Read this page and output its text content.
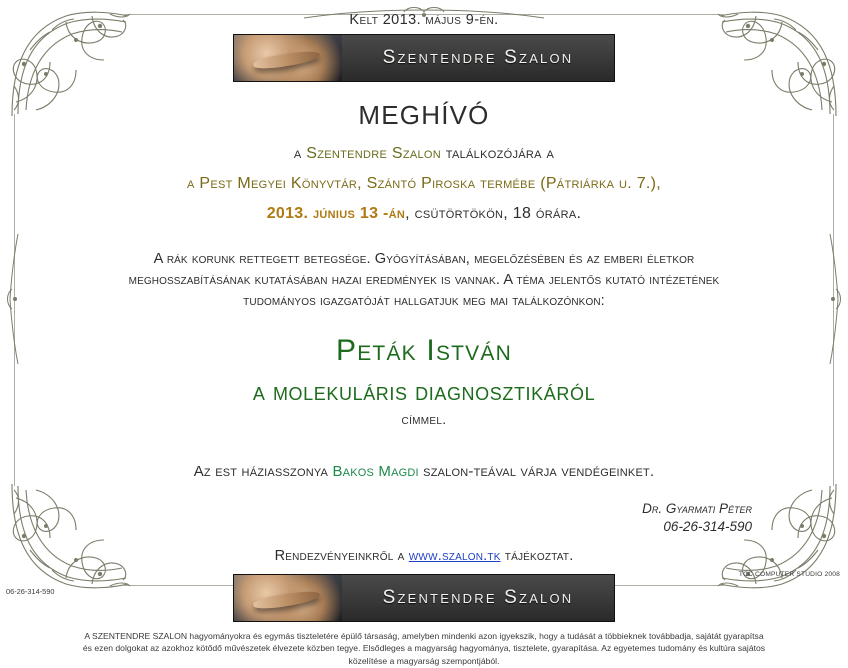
Kelt 2013. május 9-én.
Szentendre Szalon
MEGHÍVÓ
a Szentendre Szalon találkozójára a
a Pest Megyei Könyvtár, Szántó Piroska termébe (Pátriárka u. 7.),
2013. június 13 -án, csütörtökön, 18 órára.
A rák korunk rettegett betegsége. Gyógyításában, megelőzésében és az emberi életkor meghosszabításának kutatásában hazai eredmények is vannak. A téma jelentős kutató intézetének tudományos igazgatóját hallgatjuk meg mai találkozónkon:
Peták István
a molekuláris diagnosztikáról
címmel.
Az est háziasszonya Bakos Magdi szalon-teával várja vendégeinket.
Dr. Gyarmati Péter
06-26-314-590
Rendezvényeinkről a www.szalon.tk tájékoztat.
Szentendre Szalon
A SZENTENDRE SZALON hagyományokra és egymás tiszteletére épülő társaság, amelyben mindenki azon igyekszik, hogy a tudását a többieknek továbbadja, sajátát gyarapítsa és ezen dolgokat az azokhoz kötődő művészetek élvezete közben tegye. Elsődleges a magyarság hagyománya, tisztelete, gyarapítása. Az egyetemes tudomány és kultúra sajátos közelítése a magyarság szempontjából.
06-26-314-590
TCC COMPUTER STUDIO 2008
